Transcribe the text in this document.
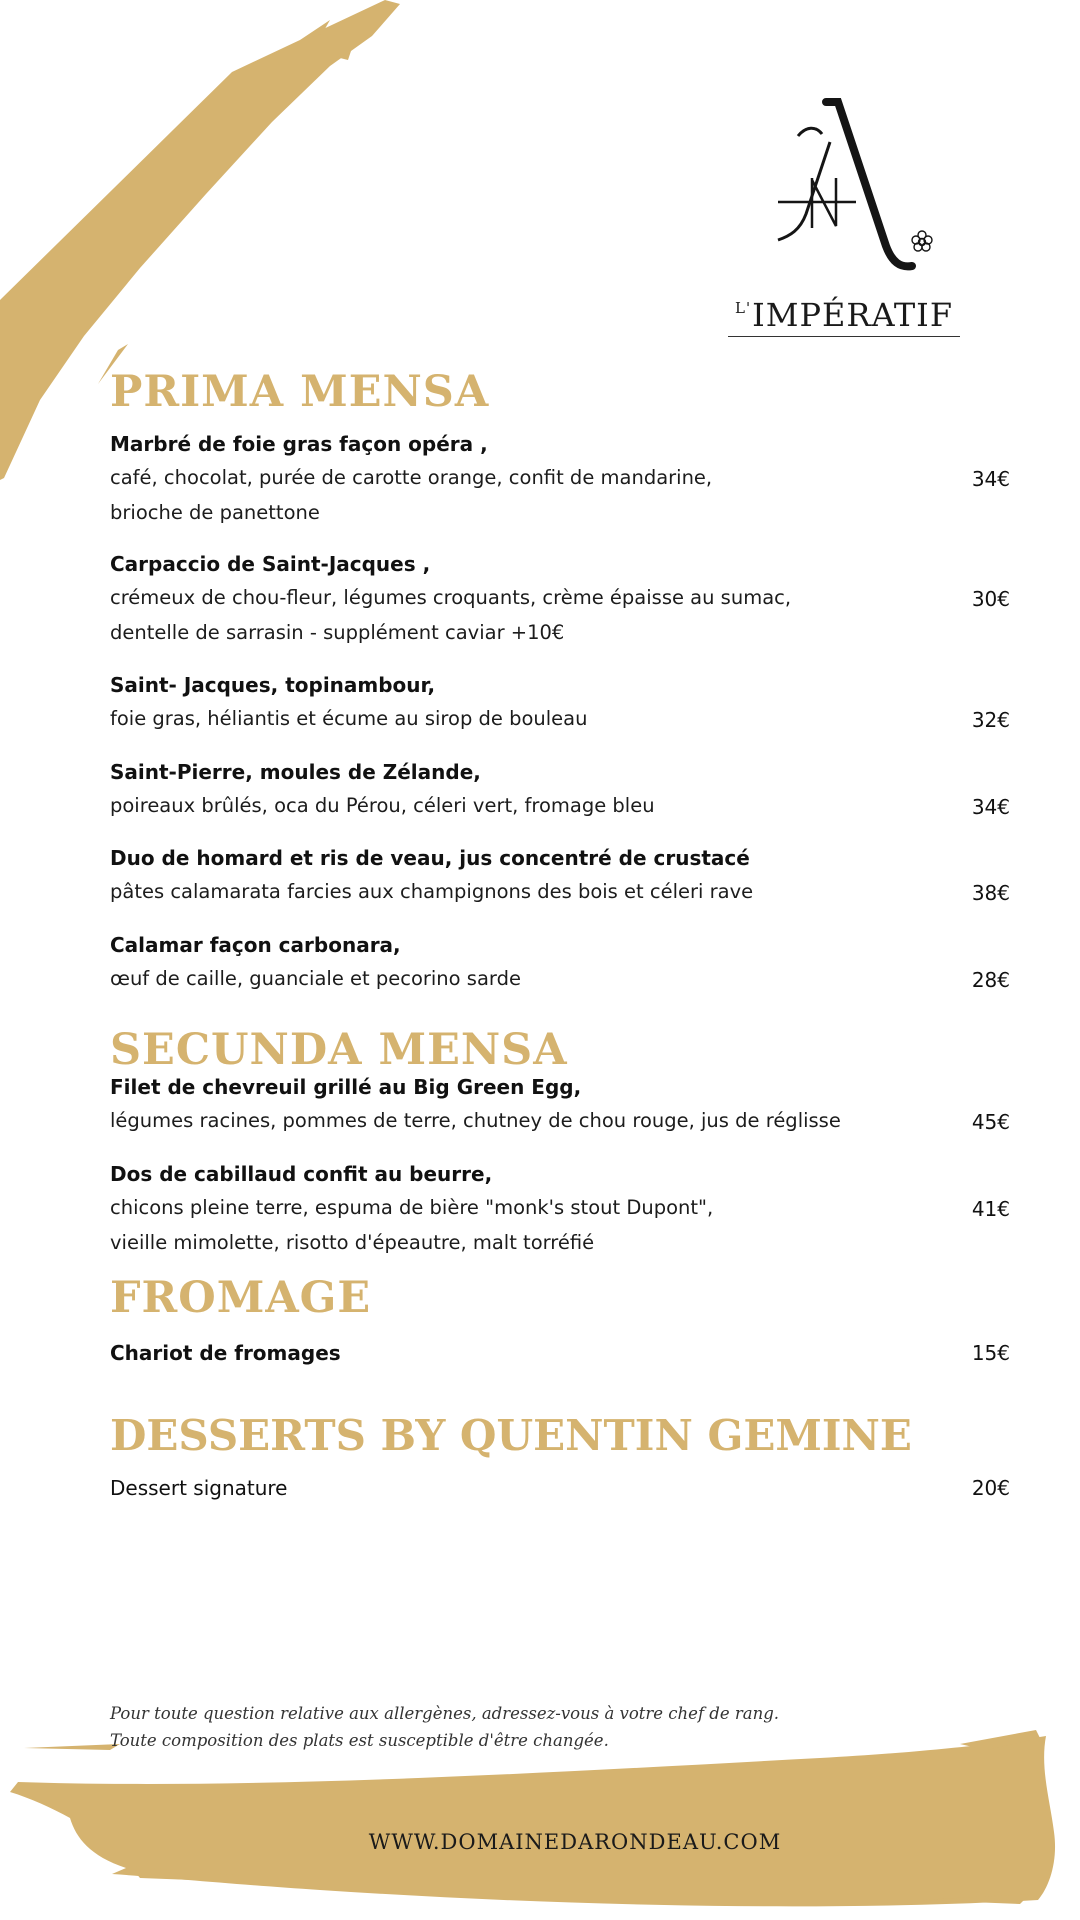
$^{L'}$IMPÉRATIF
PRIMA MENSA
Marbré de foie gras façon opéra ,
café, chocolat, purée de carotte orange, confit de mandarine,
brioche de panettone
34€
Carpaccio de Saint-Jacques ,
crémeux de chou-fleur, légumes croquants, crème épaisse au sumac,
dentelle de sarrasin - supplément caviar +10€
30€
Saint- Jacques, topinambour,
foie gras, héliantis et écume au sirop de bouleau	32€
Saint-Pierre, moules de Zélande,
poireaux brûlés, oca du Pérou, céleri vert, fromage bleu	34€
Duo de homard et ris de veau, jus concentré de crustacé
pâtes calamarata farcies aux champignons des bois et céleri rave	38€
Calamar façon carbonara,
œuf de caille, guanciale et pecorino sarde	28€
SECUNDA MENSA
Filet de chevreuil grillé au Big Green Egg,
légumes racines, pommes de terre, chutney de chou rouge, jus de réglisse	45€
Dos de cabillaud confit au beurre,
chicons pleine terre, espuma de bière "monk's stout Dupont",
vieille mimolette, risotto d'épeautre, malt torréfié
41€
FROMAGE
Chariot de fromages	15€
DESSERTS BY QUENTIN GEMINE
Dessert signature	20€
Pour toute question relative aux allergènes, adressez-vous à votre chef de rang.
Toute composition des plats est susceptible d'être changée.
WWW.DOMAINEDARONDEAU.COM
